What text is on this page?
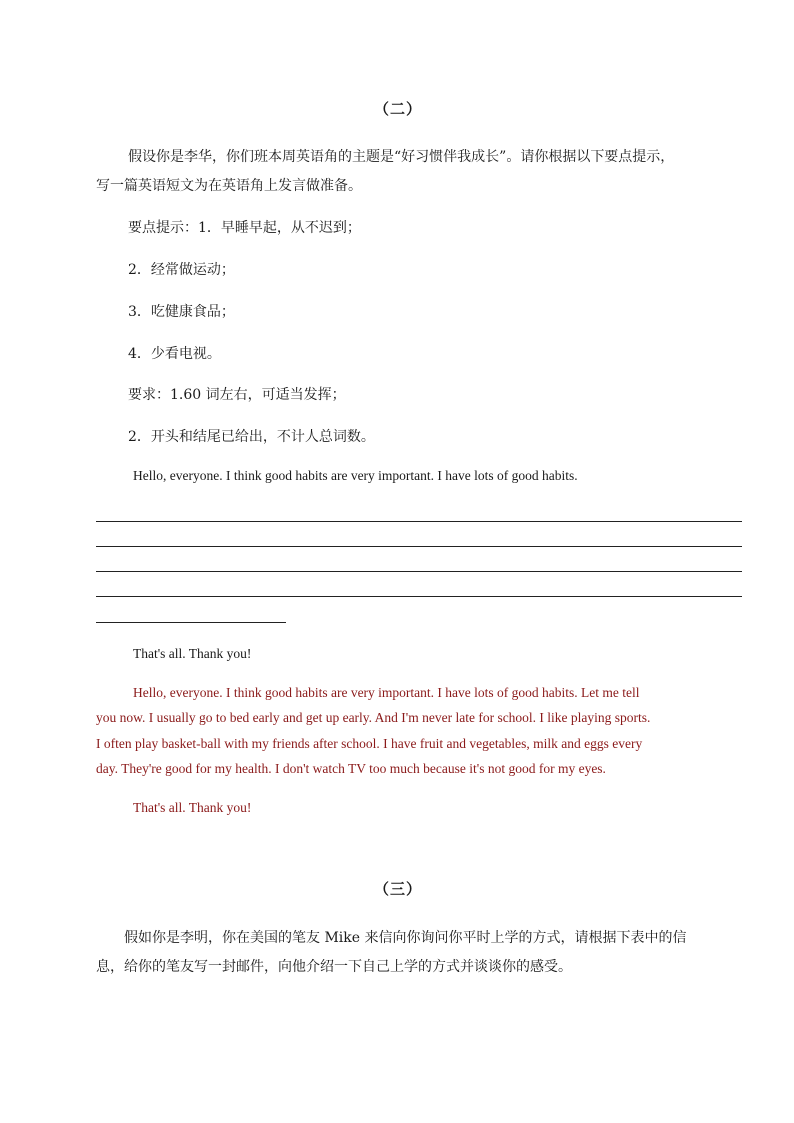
（二）
假设你是李华，你们班本周英语角的主题是“好习惯伴我成长”。请你根据以下要点提示，
写一篇英语短文为在英语角上发言做准备。
要点提示：1．早睡早起，从不迟到；
2．经常做运动；
3．吃健康食品；
4．少看电视。
要求：1.60 词左右，可适当发挥；
2．开头和结尾已给出，不计人总词数。
Hello, everyone. I think good habits are very important. I have lots of good habits.
That's all. Thank you!
Hello, everyone. I think good habits are very important. I have lots of good habits. Let me tell
you now. I usually go to bed early and get up early. And I'm never late for school. I like playing sports.
I often play basket-ball with my friends after school. I have fruit and vegetables, milk and eggs every
day. They're good for my health. I don't watch TV too much because it's not good for my eyes.
That's all. Thank you!
（三）
假如你是李明，你在美国的笔友 Mike 来信向你询问你平时上学的方式，请根据下表中的信
息，给你的笔友写一封邮件，向他介绍一下自己上学的方式并谈谈你的感受。
